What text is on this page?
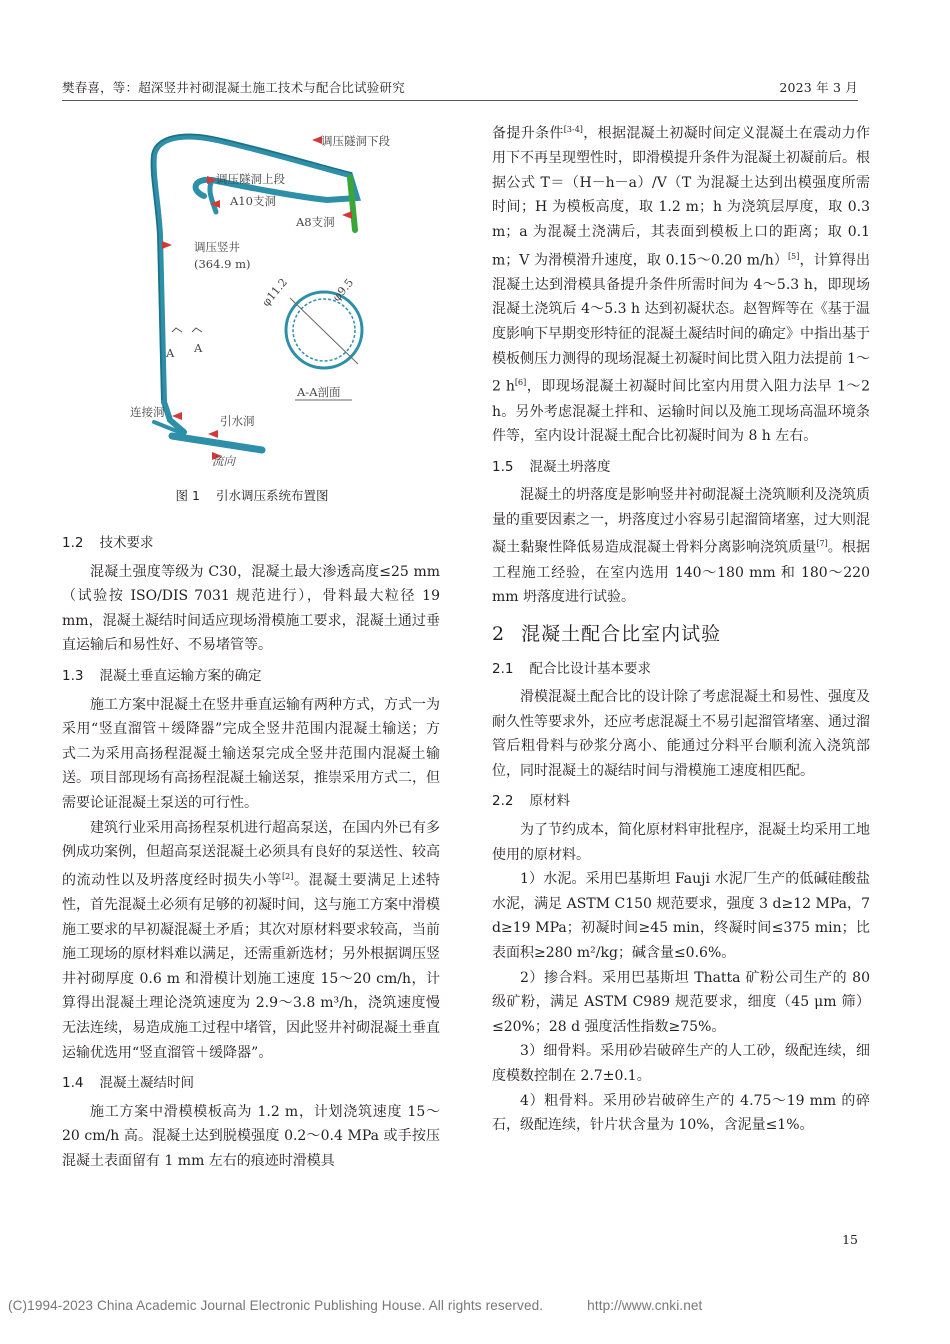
樊春喜，等：超深竖井衬砌混凝土施工技术与配合比试验研究	2023 年 3 月
调压隧洞下段
调压隧洞上段
A10支洞
A8支洞
调压竖井
(364.9 m)
A A
φ11.2	φ9.5
A-A剖面
连接洞
引水洞
流向
图 1 引水调压系统布置图
1.2 技术要求

混凝土强度等级为 C30，混凝土最大渗透高度≤25 mm（试验按 ISO/DIS 7031 规范进行），骨料最大粒径 19 mm，混凝土凝结时间适应现场滑模施工要求，混凝土通过垂直运输后和易性好、不易堵管等。

1.3 混凝土垂直运输方案的确定

施工方案中混凝土在竖井垂直运输有两种方式，方式一为采用“竖直溜管＋缓降器”完成全竖井范围内混凝土输送；方式二为采用高扬程混凝土输送泵完成全竖井范围内混凝土输送。项目部现场有高扬程混凝土输送泵，推崇采用方式二，但需要论证混凝土泵送的可行性。

建筑行业采用高扬程泵机进行超高泵送，在国内外已有多例成功案例，但超高泵送混凝土必须具有良好的泵送性、较高的流动性以及坍落度经时损失小等[2]。混凝土要满足上述特性，首先混凝土必须有足够的初凝时间，这与施工方案中滑模施工要求的早初凝混凝土矛盾；其次对原材料要求较高，当前施工现场的原材料难以满足，还需重新选材；另外根据调压竖井衬砌厚度 0.6 m 和滑模计划施工速度 15～20 cm/h，计算得出混凝土理论浇筑速度为 2.9～3.8 m³/h，浇筑速度慢无法连续，易造成施工过程中堵管，因此竖井衬砌混凝土垂直运输优选用“竖直溜管＋缓降器”。

1.4 混凝土凝结时间

施工方案中滑模模板高为 1.2 m，计划浇筑速度 15～20 cm/h 高。混凝土达到脱模强度 0.2～0.4 MPa 或手按压混凝土表面留有 1 mm 左右的痕迹时滑模具

备提升条件[3-4]，根据混凝土初凝时间定义混凝土在震动力作用下不再呈现塑性时，即滑模提升条件为混凝土初凝前后。根据公式 T＝（H－h－a）/V（T 为混凝土达到出模强度所需时间；H 为模板高度，取 1.2 m；h 为浇筑层厚度，取 0.3 m；a 为混凝土浇满后，其表面到模板上口的距离；取 0.1 m；V 为滑模滑升速度，取 0.15～0.20 m/h）[5]，计算得出混凝土达到滑模具备提升条件所需时间为 4～5.3 h，即现场混凝土浇筑后 4～5.3 h 达到初凝状态。赵智辉等在《基于温度影响下早期变形特征的混凝土凝结时间的确定》中指出基于模板侧压力测得的现场混凝土初凝时间比贯入阻力法提前 1～2 h[6]，即现场混凝土初凝时间比室内用贯入阻力法早 1～2 h。另外考虑混凝土拌和、运输时间以及施工现场高温环境条件等，室内设计混凝土配合比初凝时间为 8 h 左右。

1.5 混凝土坍落度

混凝土的坍落度是影响竖井衬砌混凝土浇筑顺利及浇筑质量的重要因素之一，坍落度过小容易引起溜筒堵塞，过大则混凝土黏聚性降低易造成混凝土骨料分离影响浇筑质量[7]。根据工程施工经验，在室内选用 140～180 mm 和 180～220 mm 坍落度进行试验。

2 混凝土配合比室内试验
2.1 配合比设计基本要求

滑模混凝土配合比的设计除了考虑混凝土和易性、强度及耐久性等要求外，还应考虑混凝土不易引起溜管堵塞、通过溜管后粗骨料与砂浆分离小、能通过分料平台顺利流入浇筑部位，同时混凝土的凝结时间与滑模施工速度相匹配。

2.2 原材料

为了节约成本，简化原材料审批程序，混凝土均采用工地使用的原材料。

1）水泥。采用巴基斯坦 Fauji 水泥厂生产的低碱硅酸盐水泥，满足 ASTM C150 规范要求，强度 3 d≥12 MPa，7 d≥19 MPa；初凝时间≥45 min，终凝时间≤375 min；比表面积≥280 m²/kg；碱含量≤0.6%。

2）掺合料。采用巴基斯坦 Thatta 矿粉公司生产的 80 级矿粉，满足 ASTM C989 规范要求，细度（45 μm 筛）≤20%；28 d 强度活性指数≥75%。

3）细骨料。采用砂岩破碎生产的人工砂，级配连续，细度模数控制在 2.7±0.1。

4）粗骨料。采用砂岩破碎生产的 4.75～19 mm 的碎石，级配连续，针片状含量为 10%，含泥量≤1%。

15
(C)1994-2023 China Academic Journal Electronic Publishing House. All rights reserved.	http://www.cnki.net
